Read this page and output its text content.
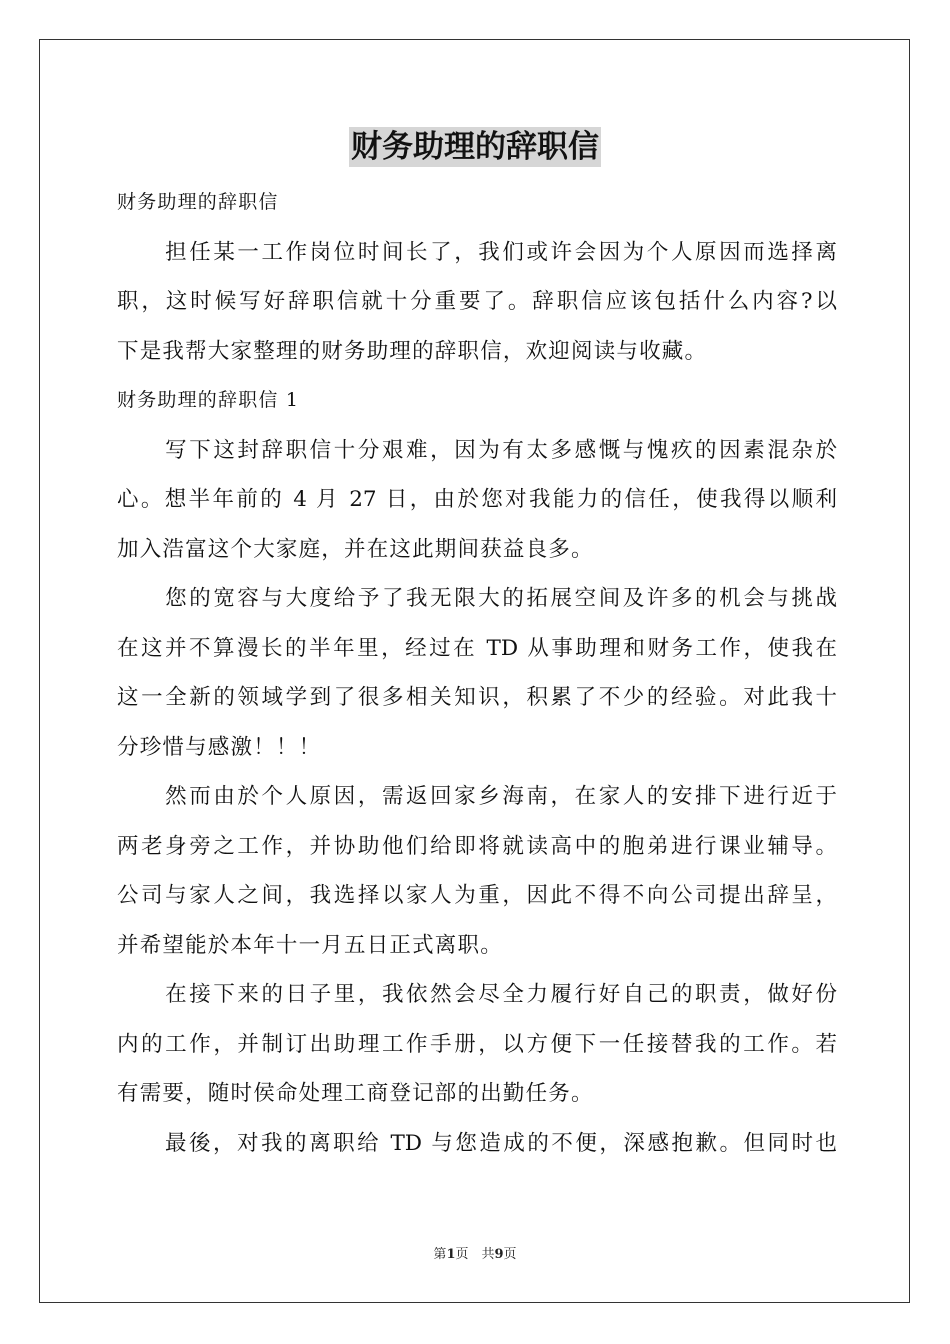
财务助理的辞职信
财务助理的辞职信
　　担任某一工作岗位时间长了，我们或许会因为个人原因而选择离
职，这时候写好辞职信就十分重要了。辞职信应该包括什么内容?以
下是我帮大家整理的财务助理的辞职信，欢迎阅读与收藏。
财务助理的辞职信 1
　　写下这封辞职信十分艰难，因为有太多感慨与愧疚的因素混杂於
心。想半年前的 4 月 27 日，由於您对我能力的信任，使我得以顺利
加入浩富这个大家庭，并在这此期间获益良多。
　　您的宽容与大度给予了我无限大的拓展空间及许多的机会与挑战
在这并不算漫长的半年里，经过在 TD 从事助理和财务工作，使我在
这一全新的领域学到了很多相关知识，积累了不少的经验。对此我十
分珍惜与感激！！！
　　然而由於个人原因，需返回家乡海南，在家人的安排下进行近于
两老身旁之工作，并协助他们给即将就读高中的胞弟进行课业辅导。
公司与家人之间，我选择以家人为重，因此不得不向公司提出辞呈，
并希望能於本年十一月五日正式离职。
　　在接下来的日子里，我依然会尽全力履行好自己的职责，做好份
内的工作，并制订出助理工作手册，以方便下一任接替我的工作。若
有需要，随时侯命处理工商登记部的出勤任务。
　　最後，对我的离职给 TD 与您造成的不便，深感抱歉。但同时也
第1页　共9页
